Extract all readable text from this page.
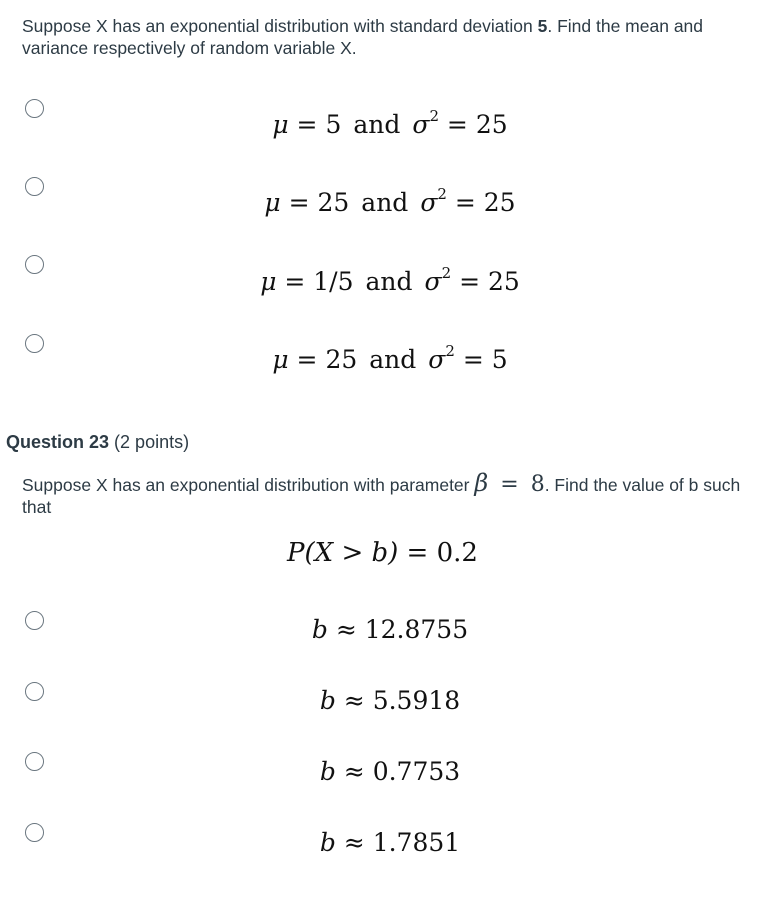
Suppose X has an exponential distribution with standard deviation 5. Find the mean and variance respectively of random variable X.
μ = 5 and $\sigma^2 = 25$
μ = 25 and $\sigma^2 = 25$
μ = 1/5 and $\sigma^2 = 25$
μ = 25 and $\sigma^2 = 5$
Question 23 (2 points)
Suppose X has an exponential distribution with parameter β = 8. Find the value of b such that
P(X > b) = 0.2
b ≈ 12.8755
b ≈ 5.5918
b ≈ 0.7753
b ≈ 1.7851
